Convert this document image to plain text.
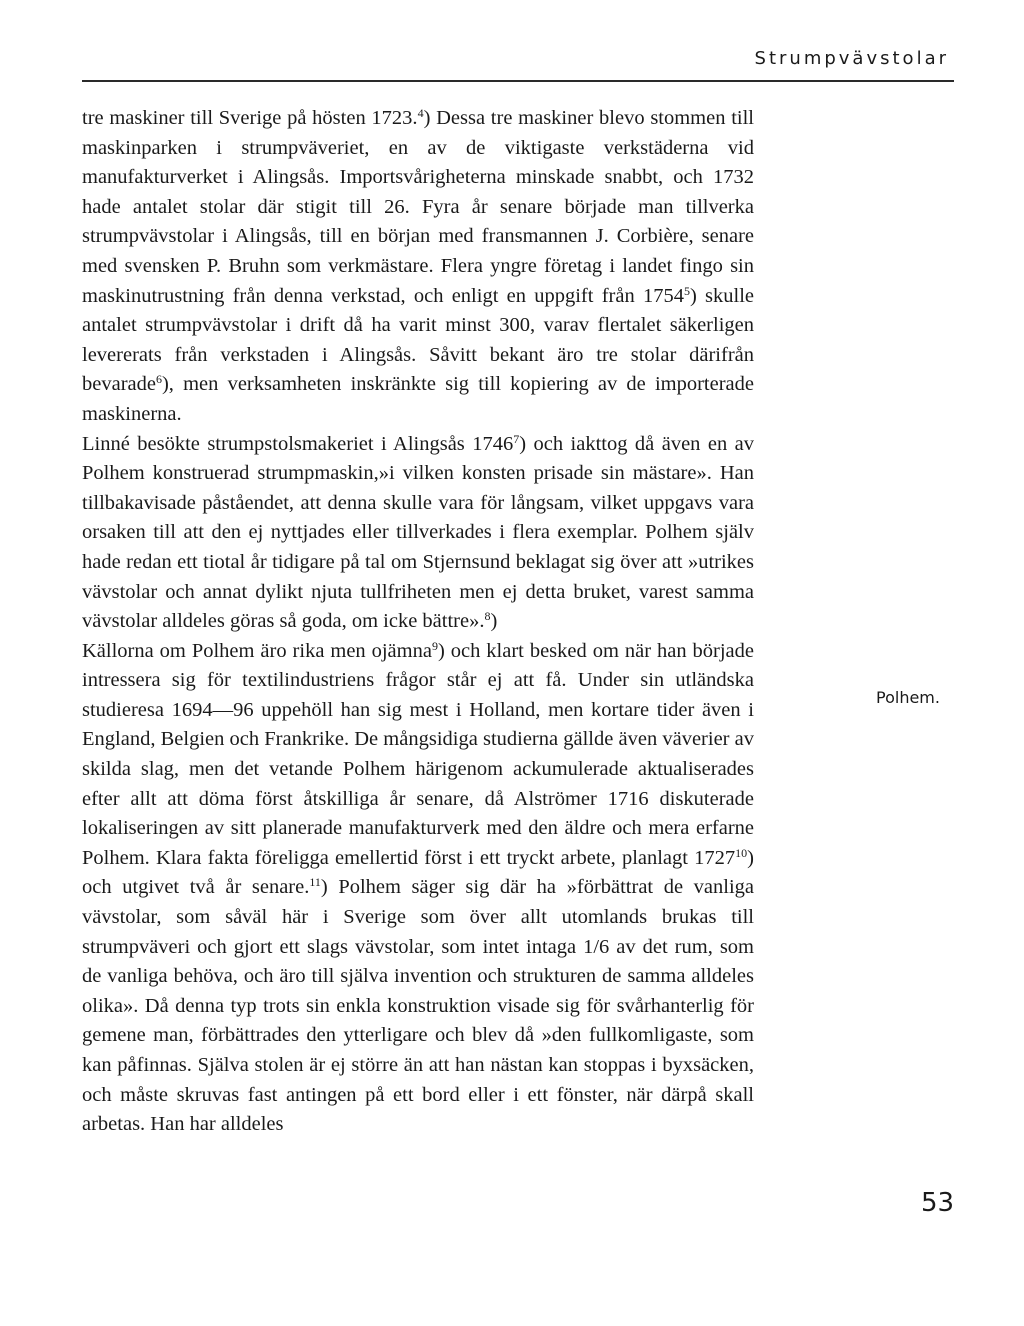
Strumpvävstolar

tre maskiner till Sverige på hösten 1723.$^4$) Dessa tre maskiner blevo stommen till maskinparken i strumpväveriet, en av de viktigaste verkstäderna vid manufakturverket i Alingsås. Importsvårigheterna minskade snabbt, och 1732 hade antalet stolar där stigit till 26. Fyra år senare började man tillverka strumpvävstolar i Alingsås, till en början med fransmannen J. Corbière, senare med svensken P. Bruhn som verkmästare. Flera yngre företag i landet fingo sin maskinutrustning från denna verkstad, och enligt en uppgift från 1754$^5$) skulle antalet strumpvävstolar i drift då ha varit minst 300, varav flertalet säkerligen levererats från verkstaden i Alingsås. Såvitt bekant äro tre stolar därifrån bevarade$^6$), men verksamheten inskränkte sig till kopiering av de importerade maskinerna.

Linné besökte strumpstolsmakeriet i Alingsås 1746$^7$) och iakttog då även en av Polhem konstruerad strumpmaskin,»i vilken konsten prisade sin mästare». Han tillbakavisade påståendet, att denna skulle vara för långsam, vilket uppgavs vara orsaken till att den ej nyttjades eller tillverkades i flera exemplar. Polhem själv hade redan ett tiotal år tidigare på tal om Stjernsund beklagat sig över att »utrikes vävstolar och annat dylikt njuta tullfriheten men ej detta bruket, varest samma vävstolar alldeles göras så goda, om icke bättre».$^8$)

Källorna om Polhem äro rika men ojämna$^9$) och klart besked om när han började intressera sig för textilindustriens frågor står ej att få. Under sin utländska studieresa 1694—96 uppehöll han sig mest i Holland, men kortare tider även i England, Belgien och Frankrike. De mångsidiga studierna gällde även väverier av skilda slag, men det vetande Polhem härigenom ackumulerade aktualiserades efter allt att döma först åtskilliga år senare, då Alströmer 1716 diskuterade lokaliseringen av sitt planerade manufakturverk med den äldre och mera erfarne Polhem. Klara fakta föreligga emellertid först i ett tryckt arbete, planlagt 1727$^{10}$) och utgivet två år senare.$^{11}$) Polhem säger sig där ha »förbättrat de vanliga vävstolar, som såväl här i Sverige som över allt utomlands brukas till strumpväveri och gjort ett slags vävstolar, som intet intaga 1/6 av det rum, som de vanliga behöva, och äro till själva invention och strukturen de samma alldeles olika». Då denna typ trots sin enkla konstruktion visade sig för svårhanterlig för gemene man, förbättrades den ytterligare och blev då »den fullkomligaste, som kan påfinnas. Själva stolen är ej större än att han nästan kan stoppas i byxsäcken, och måste skruvas fast antingen på ett bord eller i ett fönster, när därpå skall arbetas. Han har alldeles

Polhem.
53
